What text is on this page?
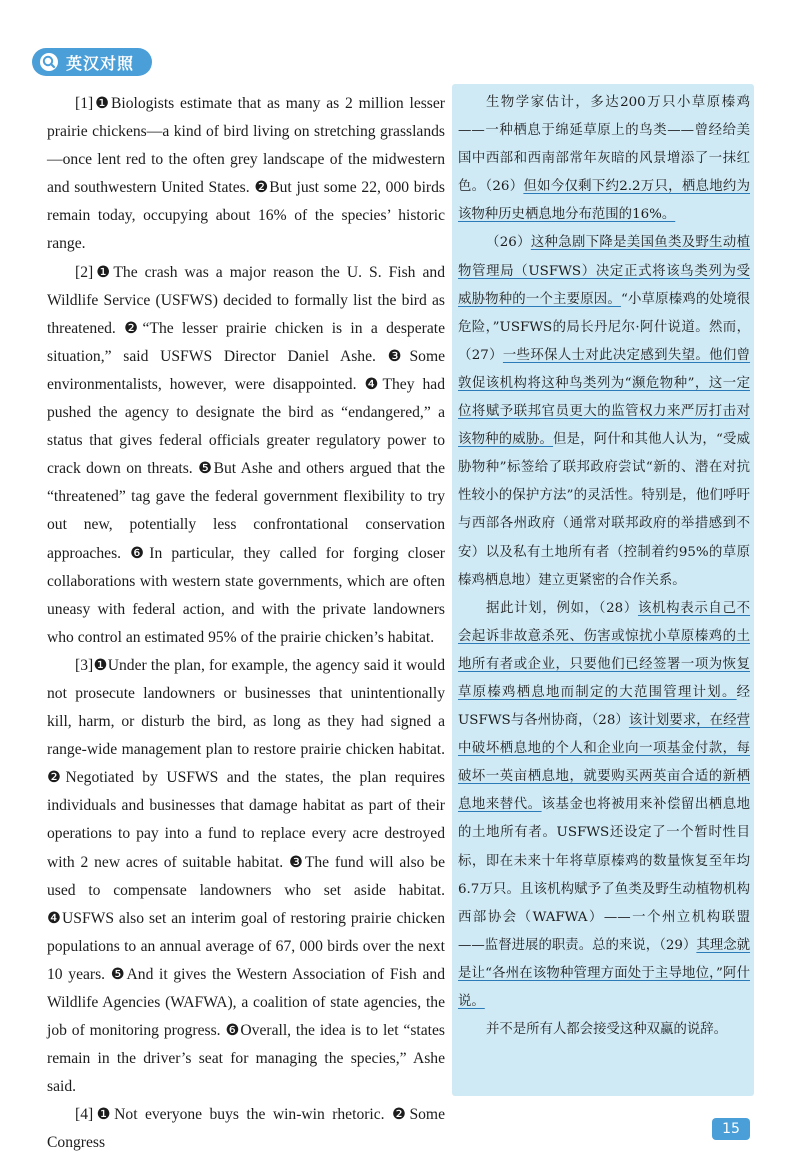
英汉对照

[1]❶Biologists estimate that as many as 2 million lesser prairie chickens—a kind of bird living on stretching grasslands—once lent red to the often grey landscape of the midwestern and southwestern United States. ❷But just some 22, 000 birds remain today, occupying about 16% of the species’ historic range.

[2]❶The crash was a major reason the U. S. Fish and Wildlife Service (USFWS) decided to formally list the bird as threatened. ❷“The lesser prairie chicken is in a desperate situation,” said USFWS Director Daniel Ashe. ❸Some environmentalists, however, were disappointed. ❹They had pushed the agency to designate the bird as “endangered,” a status that gives federal officials greater regulatory power to crack down on threats. ❺But Ashe and others argued that the “threatened” tag gave the federal government flexibility to try out new, potentially less confrontational conservation approaches. ❻In particular, they called for forging closer collaborations with western state governments, which are often uneasy with federal action, and with the private landowners who control an estimated 95% of the prairie chicken’s habitat.

[3]❶Under the plan, for example, the agency said it would not prosecute landowners or businesses that unintentionally kill, harm, or disturb the bird, as long as they had signed a range-wide management plan to restore prairie chicken habitat. ❷Negotiated by USFWS and the states, the plan requires individuals and businesses that damage habitat as part of their operations to pay into a fund to replace every acre destroyed with 2 new acres of suitable habitat. ❸The fund will also be used to compensate landowners who set aside habitat. ❹USFWS also set an interim goal of restoring prairie chicken populations to an annual average of 67, 000 birds over the next 10 years. ❺And it gives the Western Association of Fish and Wildlife Agencies (WAFWA), a coalition of state agencies, the job of monitoring progress. ❻Overall, the idea is to let “states remain in the driver’s seat for managing the species,” Ashe said.

[4]❶Not everyone buys the win-win rhetoric. ❷Some Congress

生物学家估计，多达200万只小草原榛鸡——一种栖息于绵延草原上的鸟类——曾经给美国中西部和西南部常年灰暗的风景增添了一抹红色。（26）但如今仅剩下约2.2万只，栖息地约为该物种历史栖息地分布范围的16%。

（26）这种急剧下降是美国鱼类及野生动植物管理局（USFWS）决定正式将该鸟类列为受威胁物种的一个主要原因。“小草原榛鸡的处境很危险，”USFWS的局长丹尼尔·阿什说道。然而，（27）一些环保人士对此决定感到失望。他们曾敦促该机构将这种鸟类列为“濒危物种”，这一定位将赋予联邦官员更大的监管权力来严厉打击对该物种的威胁。但是，阿什和其他人认为，“受威胁物种”标签给了联邦政府尝试“新的、潜在对抗性较小的保护方法”的灵活性。特别是，他们呼吁与西部各州政府（通常对联邦政府的举措感到不安）以及私有土地所有者（控制着约95%的草原榛鸡栖息地）建立更紧密的合作关系。

据此计划，例如，（28）该机构表示自己不会起诉非故意杀死、伤害或惊扰小草原榛鸡的土地所有者或企业，只要他们已经签署一项为恢复草原榛鸡栖息地而制定的大范围管理计划。经USFWS与各州协商，（28）该计划要求，在经营中破坏栖息地的个人和企业向一项基金付款，每破坏一英亩栖息地，就要购买两英亩合适的新栖息地来替代。该基金也将被用来补偿留出栖息地的土地所有者。USFWS还设定了一个暂时性目标，即在未来十年将草原榛鸡的数量恢复至年均6.7万只。且该机构赋予了鱼类及野生动植物机构西部协会（WAFWA）——一个州立机构联盟——监督进展的职责。总的来说，（29）其理念就是让“各州在该物种管理方面处于主导地位，”阿什说。

并不是所有人都会接受这种双赢的说辞。

15
